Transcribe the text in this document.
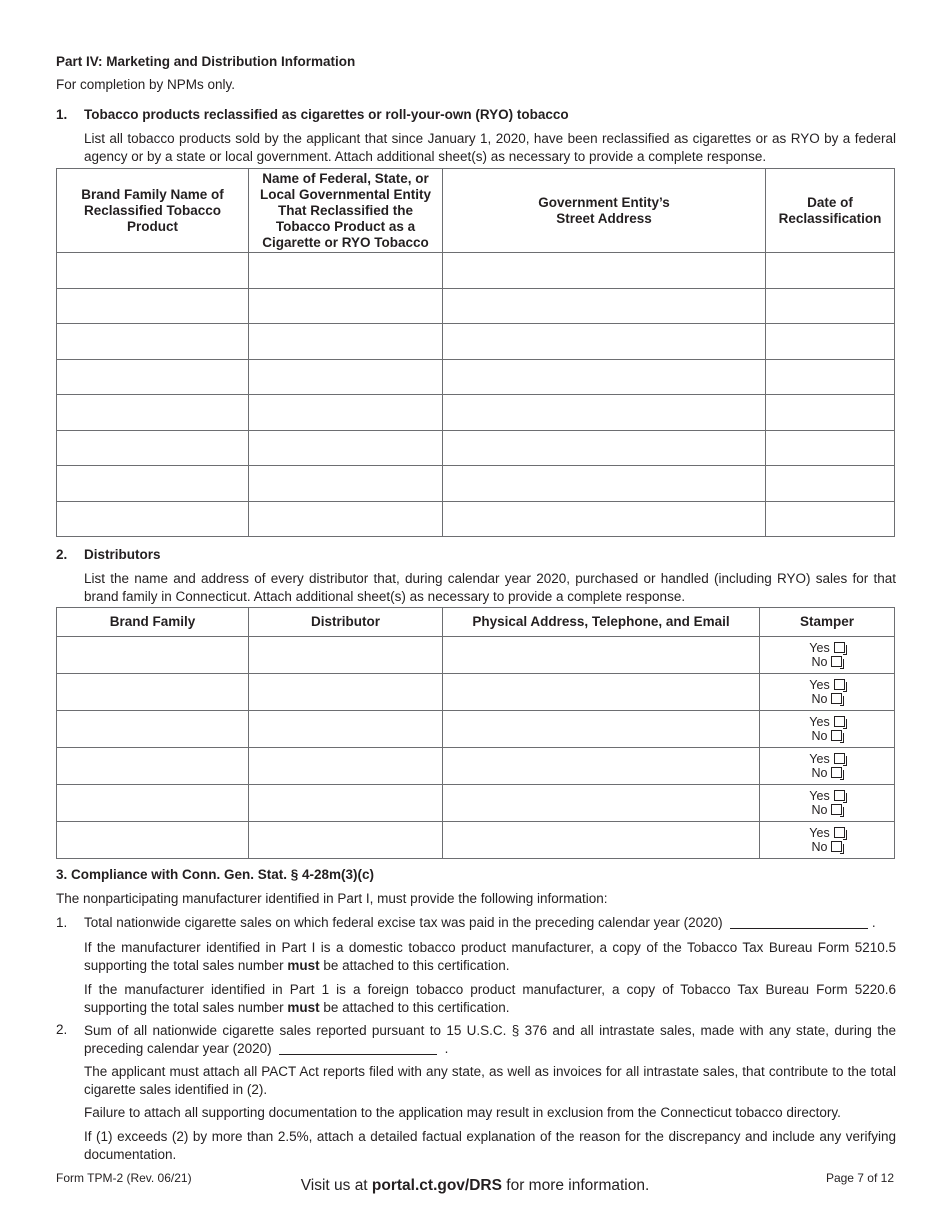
Part IV: Marketing and Distribution Information
For completion by NPMs only.
1. Tobacco products reclassified as cigarettes or roll-your-own (RYO) tobacco
List all tobacco products sold by the applicant that since January 1, 2020, have been reclassified as cigarettes or as RYO by a federal agency or by a state or local government. Attach additional sheet(s) as necessary to provide a complete response.
Brand Family Name of Reclassified Tobacco Product	Name of Federal, State, or Local Governmental Entity That Reclassified the Tobacco Product as a Cigarette or RYO Tobacco	Government Entity’s Street Address	Date of Reclassification

2. Distributors
List the name and address of every distributor that, during calendar year 2020, purchased or handled (including RYO) sales for that brand family in Connecticut. Attach additional sheet(s) as necessary to provide a complete response.
Brand Family	Distributor	Physical Address, Telephone, and Email	Stamper

			Yes
No

			Yes
No

			Yes
No

			Yes
No

			Yes
No

			Yes
No
3. Compliance with Conn. Gen. Stat. § 4-28m(3)(c)
The nonparticipating manufacturer identified in Part I, must provide the following information:
1. Total nationwide cigarette sales on which federal excise tax was paid in the preceding calendar year (2020)	.
If the manufacturer identified in Part I is a domestic tobacco product manufacturer, a copy of the Tobacco Tax Bureau Form 5210.5 supporting the total sales number must be attached to this certification.
If the manufacturer identified in Part 1 is a foreign tobacco product manufacturer, a copy of Tobacco Tax Bureau Form 5220.6 supporting the total sales number must be attached to this certification.
2. Sum of all nationwide cigarette sales reported pursuant to 15 U.S.C. § 376 and all intrastate sales, made with any state, during the preceding calendar year (2020)	.
The applicant must attach all PACT Act reports filed with any state, as well as invoices for all intrastate sales, that contribute to the total cigarette sales identified in (2).
Failure to attach all supporting documentation to the application may result in exclusion from the Connecticut tobacco directory.
If (1) exceeds (2) by more than 2.5%, attach a detailed factual explanation of the reason for the discrepancy and include any verifying documentation.
Form TPM-2 (Rev. 06/21)	Visit us at portal.ct.gov/DRS for more information.	Page 7 of 12
